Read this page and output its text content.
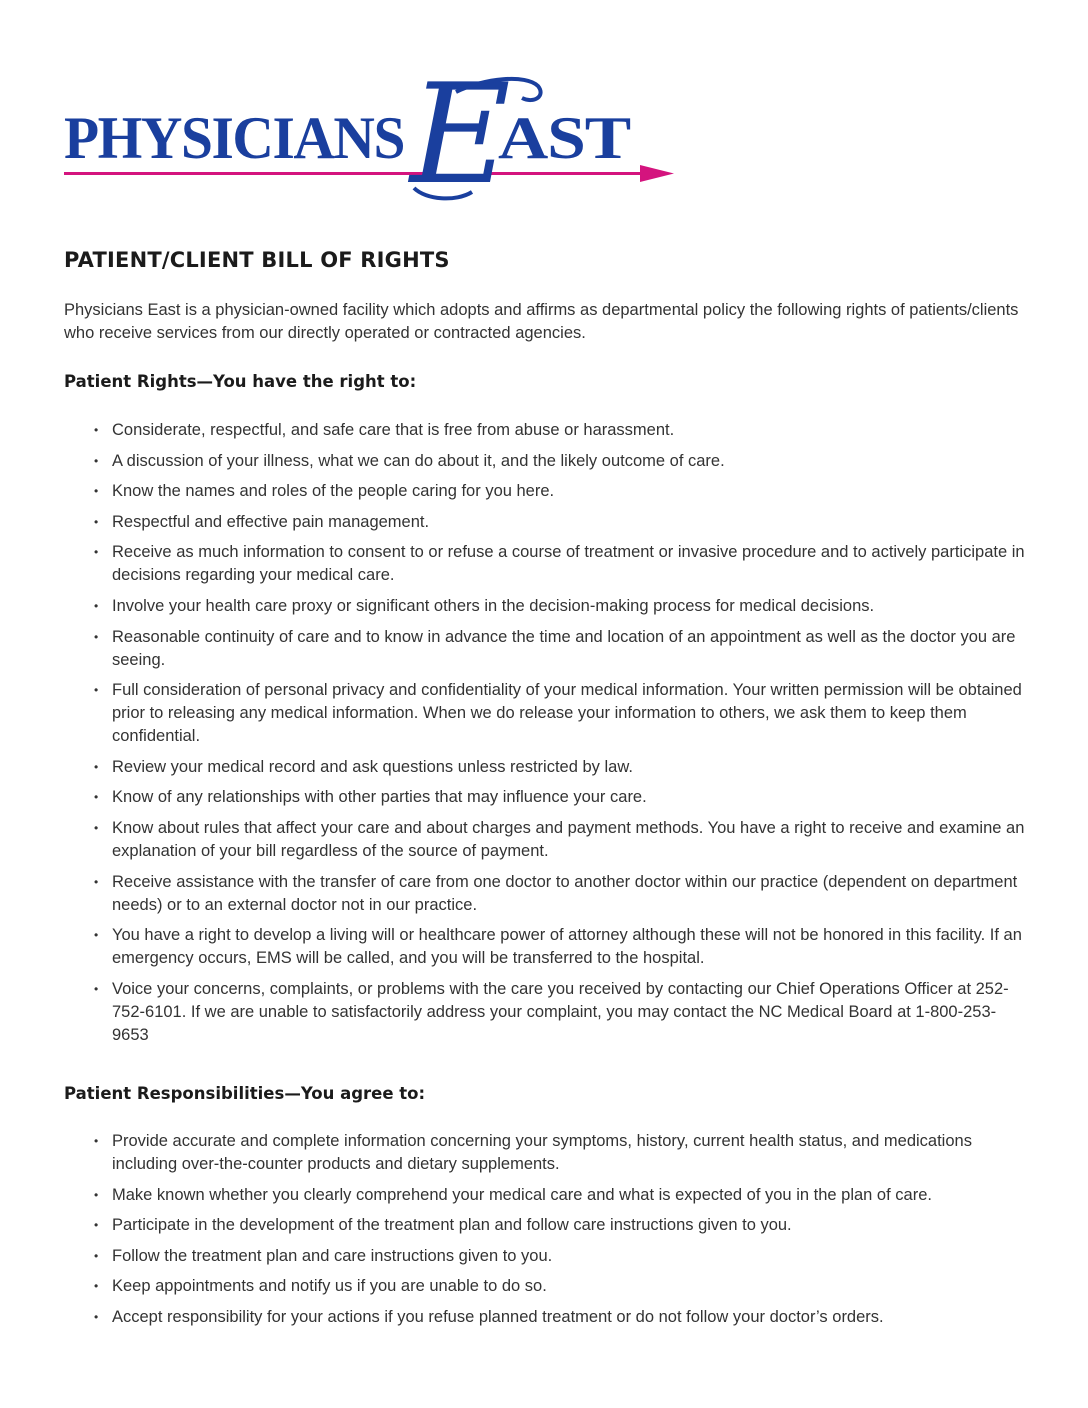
PHYSICIANS E
AST
PATIENT/CLIENT BILL OF RIGHTS

Physicians East is a physician-owned facility which adopts and affirms as departmental policy the following rights of patients/clients who receive services from our directly operated or contracted agencies.

Patient Rights—You have the right to:
• Considerate, respectful, and safe care that is free from abuse or harassment.
• A discussion of your illness, what we can do about it, and the likely outcome of care.
• Know the names and roles of the people caring for you here.
• Respectful and effective pain management.
• Receive as much information to consent to or refuse a course of treatment or invasive procedure and to actively participate in decisions regarding your medical care.
• Involve your health care proxy or significant others in the decision-making process for medical decisions.
• Reasonable continuity of care and to know in advance the time and location of an appointment as well as the doctor you are seeing.
• Full consideration of personal privacy and confidentiality of your medical information. Your written permission will be obtained prior to releasing any medical information. When we do release your information to others, we ask them to keep them confidential.
• Review your medical record and ask questions unless restricted by law.
• Know of any relationships with other parties that may influence your care.
• Know about rules that affect your care and about charges and payment methods. You have a right to receive and examine an explanation of your bill regardless of the source of payment.
• Receive assistance with the transfer of care from one doctor to another doctor within our practice (dependent on department needs) or to an external doctor not in our practice.
• You have a right to develop a living will or healthcare power of attorney although these will not be honored in this facility. If an emergency occurs, EMS will be called, and you will be transferred to the hospital.
• Voice your concerns, complaints, or problems with the care you received by contacting our Chief Operations Officer at 252-752-6101. If we are unable to satisfactorily address your complaint, you may contact the NC Medical Board at 1-800-253-9653
Patient Responsibilities—You agree to:
• Provide accurate and complete information concerning your symptoms, history, current health status, and medications including over-the-counter products and dietary supplements.
• Make known whether you clearly comprehend your medical care and what is expected of you in the plan of care.
• Participate in the development of the treatment plan and follow care instructions given to you.
• Follow the treatment plan and care instructions given to you.
• Keep appointments and notify us if you are unable to do so.
• Accept responsibility for your actions if you refuse planned treatment or do not follow your doctor’s orders.
